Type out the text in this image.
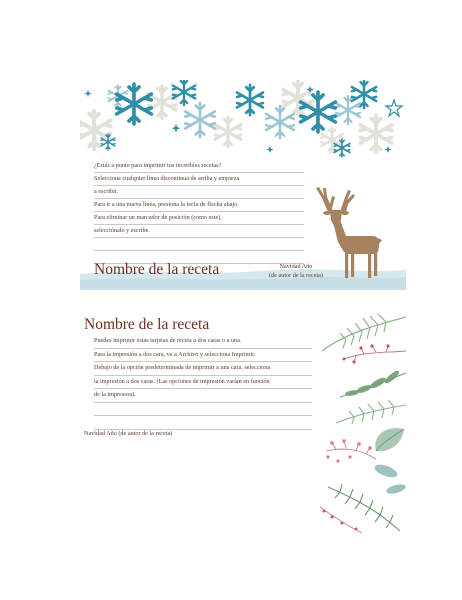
¿Estás a punto para imprimir tus increíbles recetas?
Selecciona cualquier línea discontinua de arriba y empieza
a escribir.
Para ir a una nueva línea, presiona la tecla de flecha abajo.
Para eliminar un marcador de posición (como este),
selecciónalo y escribe.
Nombre de la receta	Navidad Año
(de autor de la receta)
Nombre de la receta
Puedes imprimir estas tarjetas de receta a dos caras o a una.
Para la impresión a dos cara, ve a Archivo y selecciona Imprimir.
Debajo de la opción predeterminada de imprimir a una cara, selecciona
la impresión a dos caras. (Las opciones de impresión varían en función
de la impresora).
Navidad Año (de autor de la receta)
